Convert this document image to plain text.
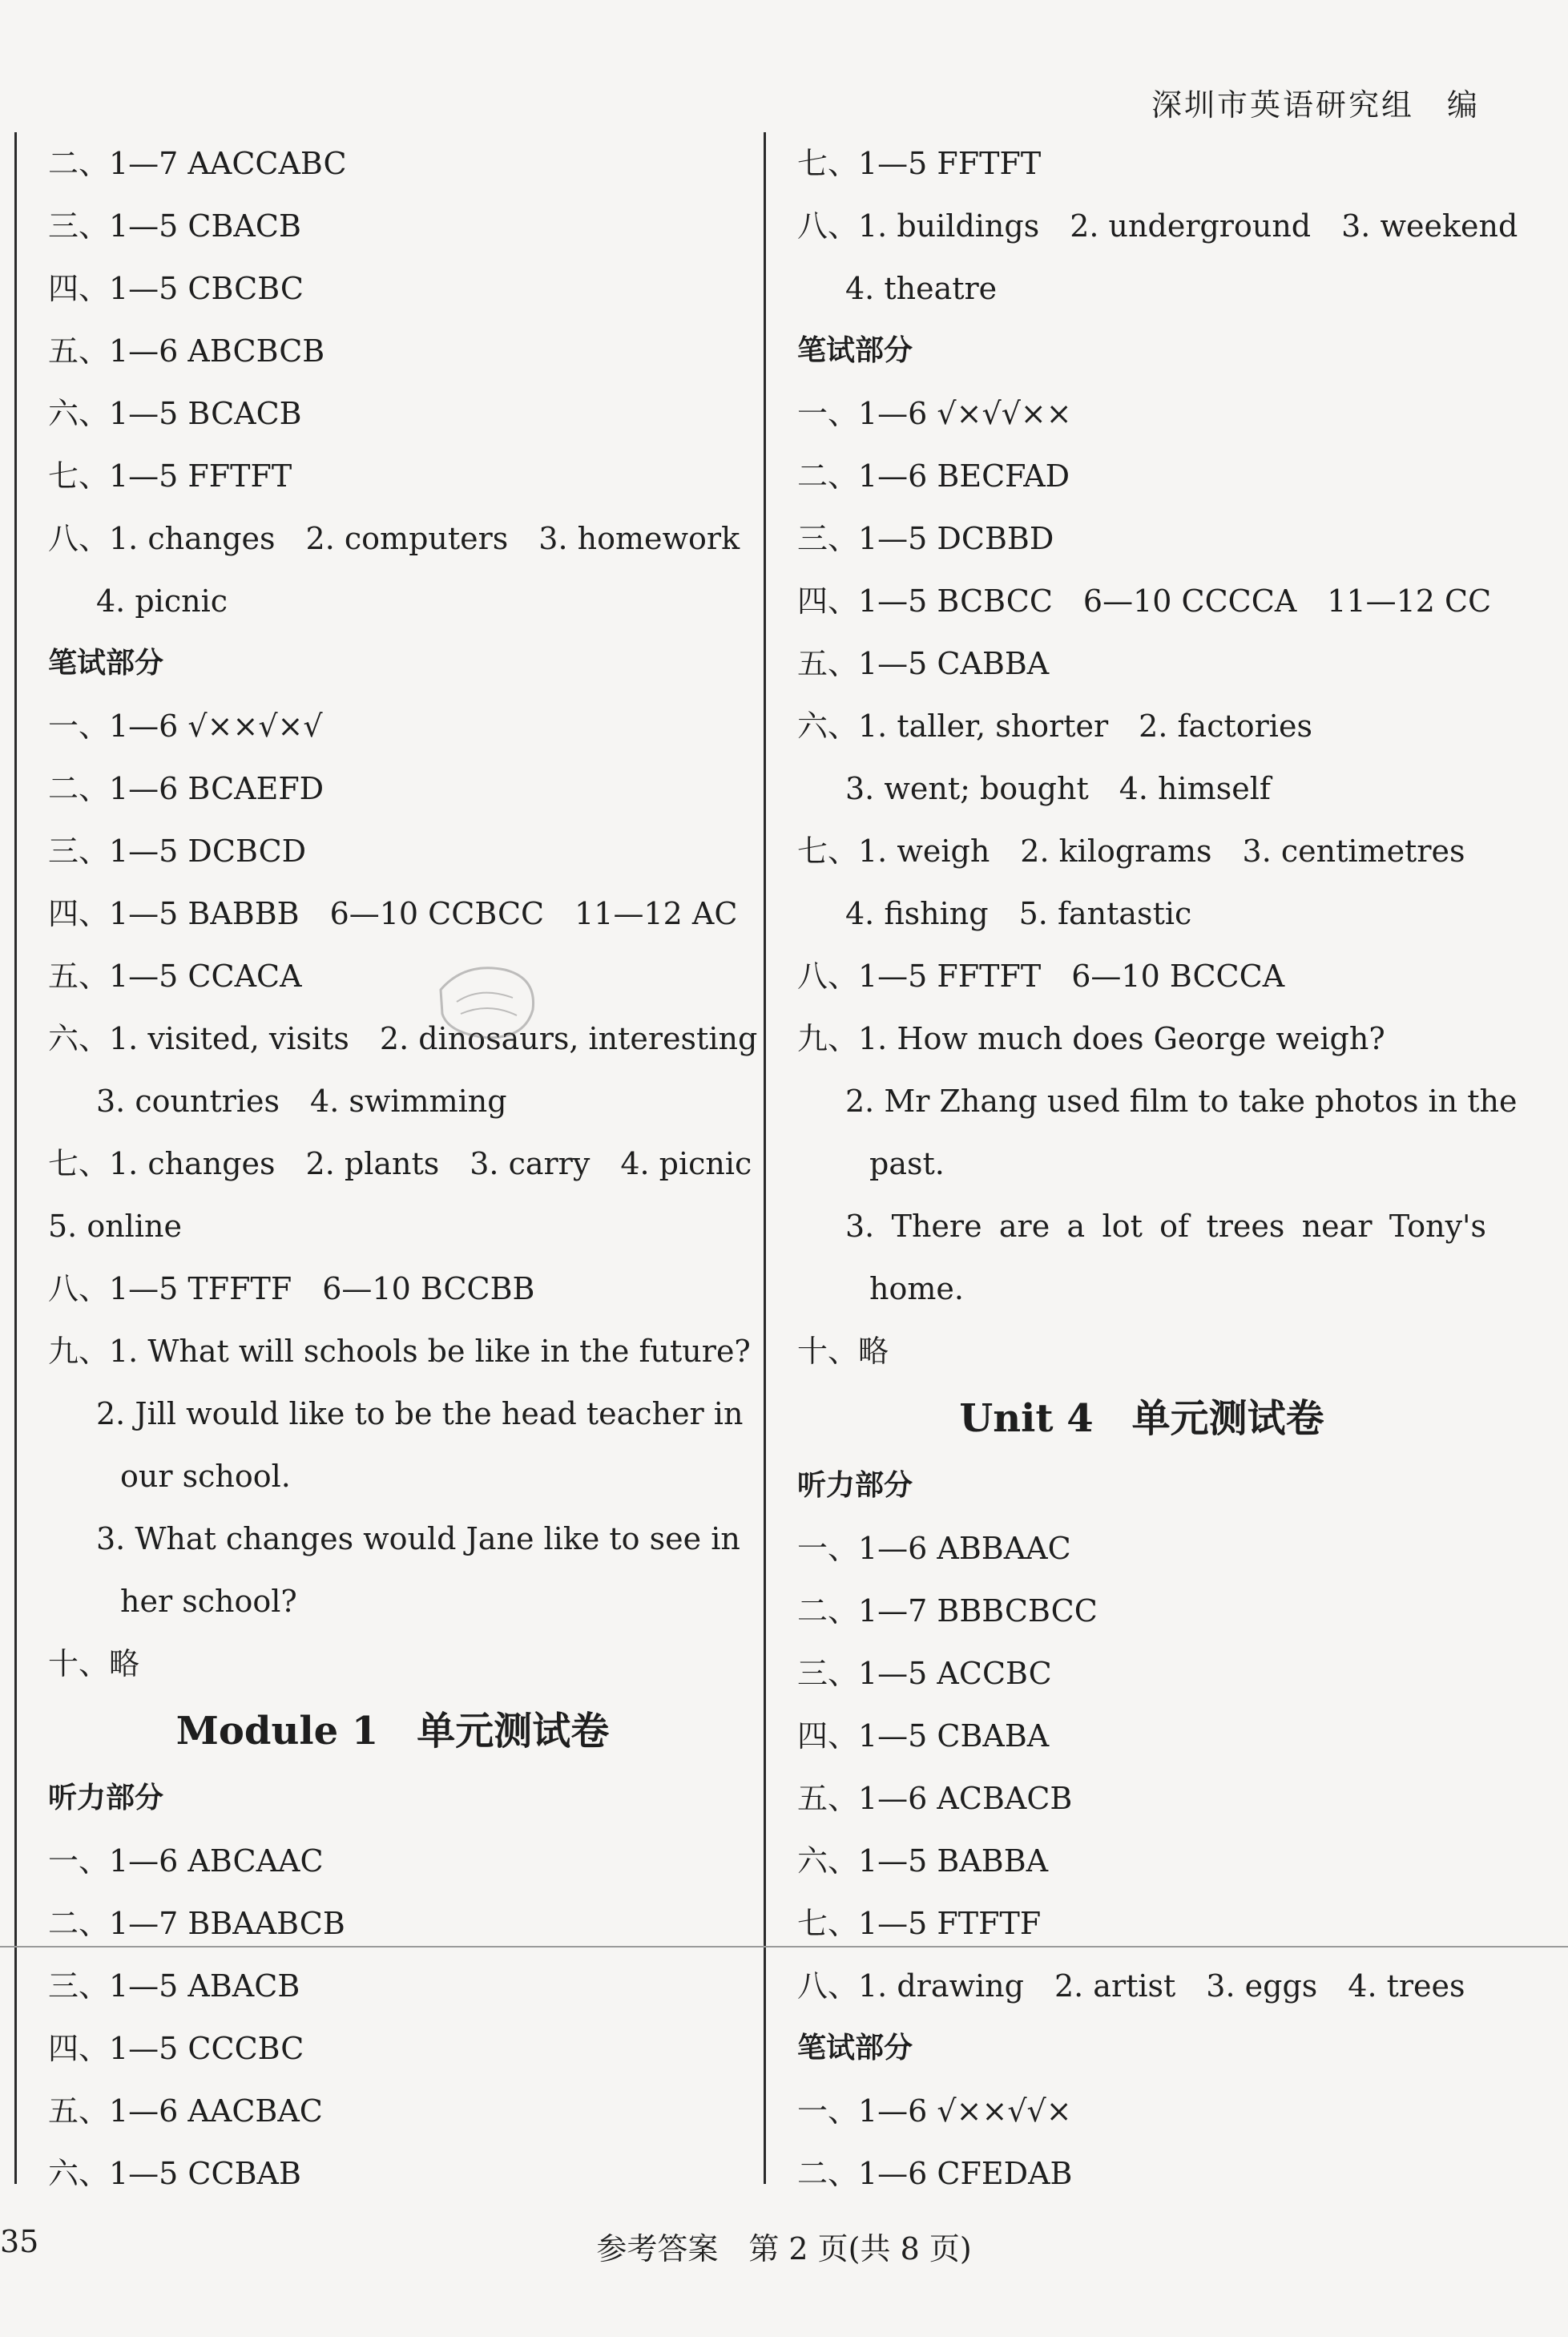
深圳市英语研究组　编
二、1—7 AACCABC
三、1—5 CBACB
四、1—5 CBCBC
五、1—6 ABCBCB
六、1—5 BCACB
七、1—5 FFTFT
八、1. changes　2. computers　3. homework
4. picnic
笔试部分
一、1—6 √××√×√
二、1—6 BCAEFD
三、1—5 DCBCD
四、1—5 BABBB　6—10 CCBCC　11—12 AC
五、1—5 CCACA
六、1. visited, visits　2. dinosaurs, interesting
3. countries　4. swimming
七、1. changes　2. plants　3. carry　4. picnic
5. online
八、1—5 TFFTF　6—10 BCCBB
九、1. What will schools be like in the future?
2. Jill would like to be the head teacher in
our school.
3. What changes would Jane like to see in
her school?
十、略
Module 1　单元测试卷
听力部分
一、1—6 ABCAAC
二、1—7 BBAABCB
三、1—5 ABACB
四、1—5 CCCBC
五、1—6 AACBAC
六、1—5 CCBAB
七、1—5 FFTFT
八、1. buildings　2. underground　3. weekend
4. theatre
笔试部分
一、1—6 √×√√××
二、1—6 BECFAD
三、1—5 DCBBD
四、1—5 BCBCC　6—10 CCCCA　11—12 CC
五、1—5 CABBA
六、1. taller, shorter　2. factories
3. went; bought　4. himself
七、1. weigh　2. kilograms　3. centimetres
4. fishing　5. fantastic
八、1—5 FFTFT　6—10 BCCCA
九、1. How much does George weigh?
2. Mr Zhang used film to take photos in the
past.
3. There are a lot of trees near Tony's
home.
十、略
Unit 4　单元测试卷
听力部分
一、1—6 ABBAAC
二、1—7 BBBCBCC
三、1—5 ACCBC
四、1—5 CBABA
五、1—6 ACBACB
六、1—5 BABBA
七、1—5 FTFTF
八、1. drawing　2. artist　3. eggs　4. trees
笔试部分
一、1—6 √××√√×
二、1—6 CFEDAB
35	参考答案　第 2 页(共 8 页)
